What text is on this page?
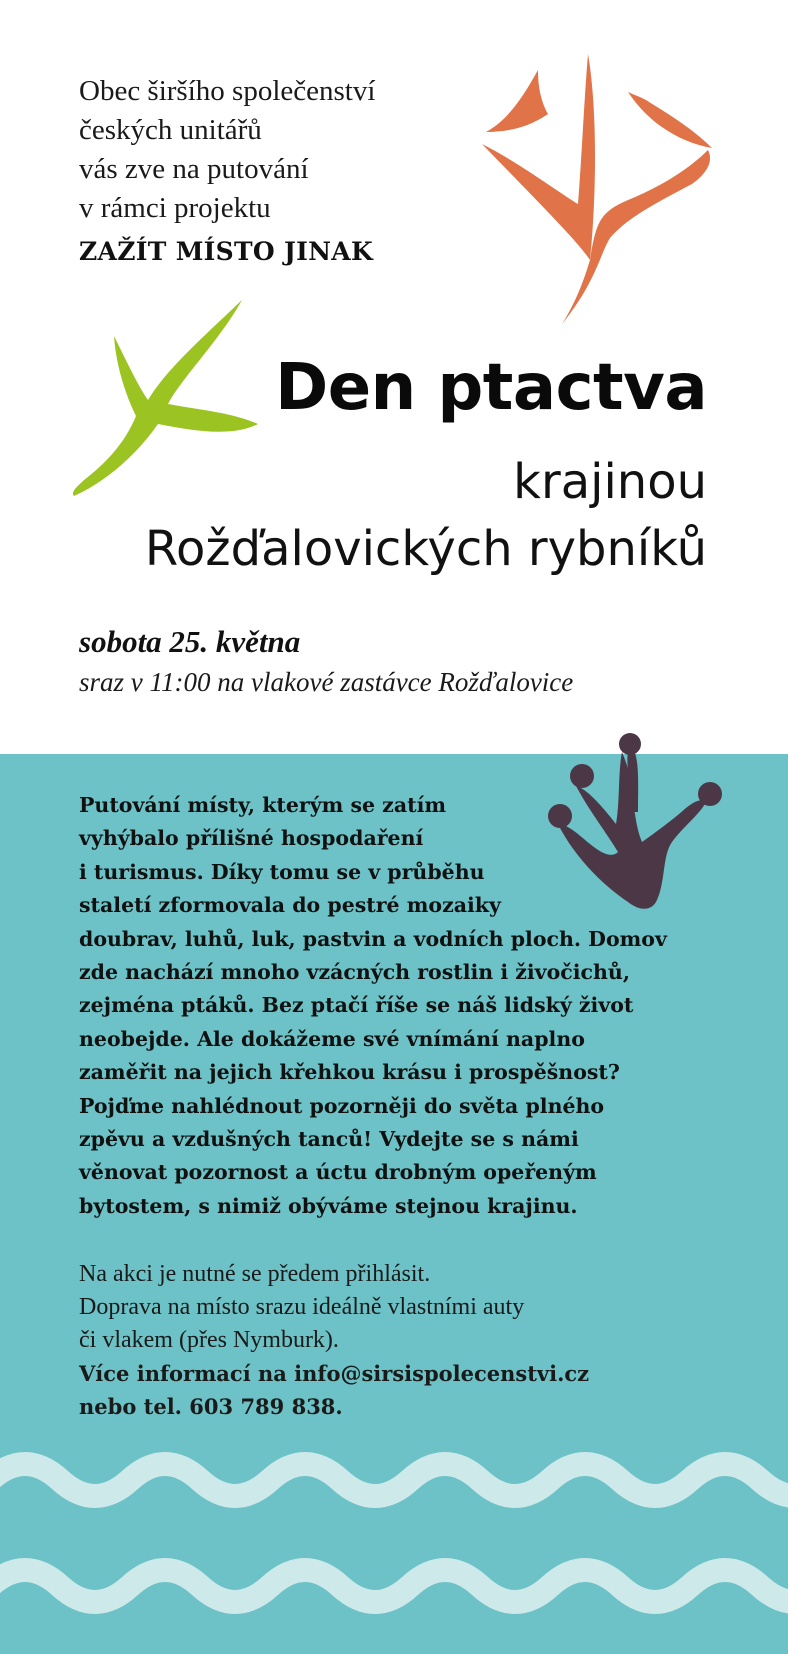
Obec širšího společenství
českých unitářů
vás zve na putování
v rámci projektu
ZAŽÍT MÍSTO JINAK
Den ptactva
krajinou
Rožďalovických rybníků
sobota 25. května
sraz v 11:00 na vlakové zastávce Rožďalovice
Putování místy, kterým se zatím
vyhýbalo přílišné hospodaření
i turismus. Díky tomu se v průběhu
staletí zformovala do pestré mozaiky
doubrav, luhů, luk, pastvin a vodních ploch. Domov
zde nachází mnoho vzácných rostlin i živočichů,
zejména ptáků. Bez ptačí říše se náš lidský život
neobejde. Ale dokážeme své vnímání naplno
zaměřit na jejich křehkou krásu i prospěšnost?
Pojďme nahlédnout pozorněji do světa plného
zpěvu a vzdušných tanců! Vydejte se s námi
věnovat pozornost a úctu drobným opeřeným
bytostem, s nimiž obýváme stejnou krajinu.
Na akci je nutné se předem přihlásit.
Doprava na místo srazu ideálně vlastními auty
či vlakem (přes Nymburk).
Více informací na info@sirsispolecenstvi.cz
nebo tel. 603 789 838.
